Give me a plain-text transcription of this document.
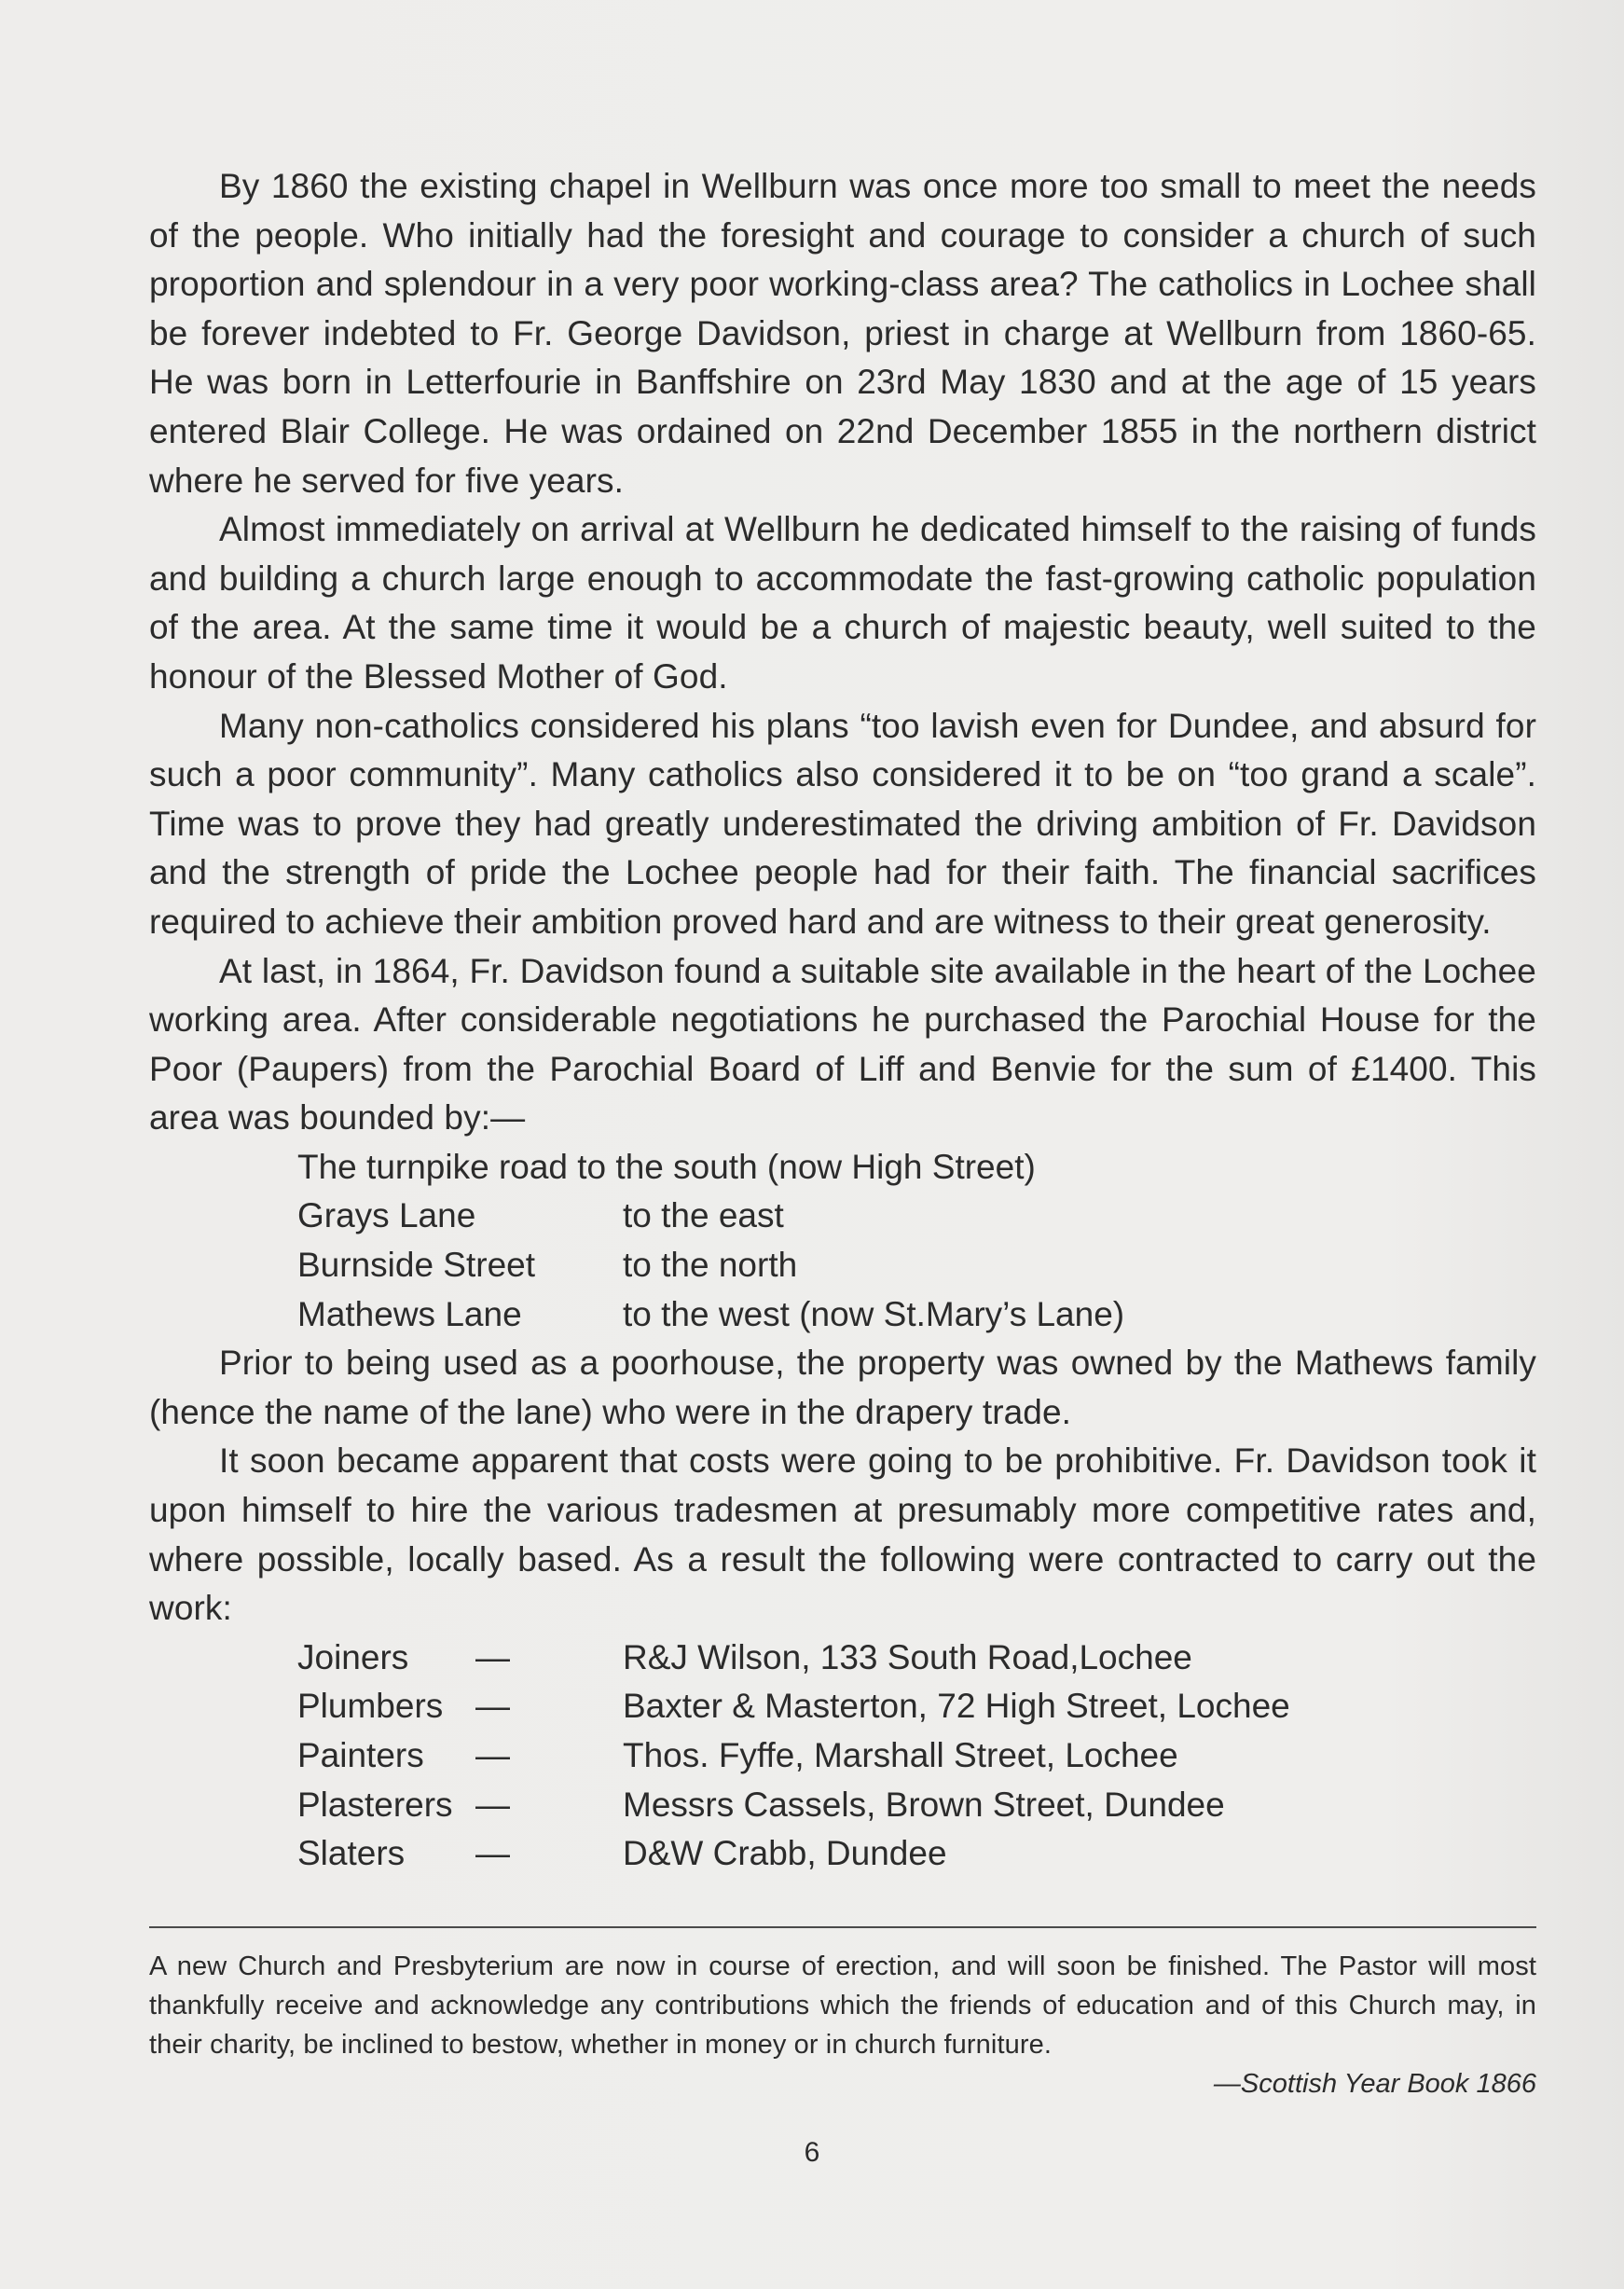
By 1860 the existing chapel in Wellburn was once more too small to meet the needs of the people. Who initially had the foresight and courage to consider a church of such proportion and splendour in a very poor working-class area? The catholics in Lochee shall be forever indebted to Fr. George Davidson, priest in charge at Wellburn from 1860-65. He was born in Letterfourie in Banffshire on 23rd May 1830 and at the age of 15 years entered Blair College. He was ordained on 22nd December 1855 in the northern district where he served for five years.

Almost immediately on arrival at Wellburn he dedicated himself to the raising of funds and building a church large enough to accommodate the fast-growing catholic population of the area. At the same time it would be a church of majestic beauty, well suited to the honour of the Blessed Mother of God.

Many non-catholics considered his plans “too lavish even for Dundee, and absurd for such a poor community”. Many catholics also considered it to be on “too grand a scale”. Time was to prove they had greatly underestimated the driving ambition of Fr. Davidson and the strength of pride the Lochee people had for their faith. The financial sacrifices required to achieve their ambition proved hard and are witness to their great generosity.

At last, in 1864, Fr. Davidson found a suitable site available in the heart of the Lochee working area. After considerable negotiations he purchased the Parochial House for the Poor (Paupers) from the Parochial Board of Liff and Benvie for the sum of £1400. This area was bounded by:—

The turnpike road to the south (now High Street)	
Grays Lane	to the east
Burnside Street	to the north
Mathews Lane	to the west (now St.Mary’s Lane)

Prior to being used as a poorhouse, the property was owned by the Mathews family (hence the name of the lane) who were in the drapery trade.

It soon became apparent that costs were going to be prohibitive. Fr. Davidson took it upon himself to hire the various tradesmen at presumably more competitive rates and, where possible, locally based. As a result the following were contracted to carry out the work:

Joiners	—	R&J Wilson, 133 South Road,Lochee
Plumbers	—	Baxter & Masterton, 72 High Street, Lochee
Painters	—	Thos. Fyffe, Marshall Street, Lochee
Plasterers	—	Messrs Cassels, Brown Street, Dundee
Slaters	—	D&W Crabb, Dundee

A new Church and Presbyterium are now in course of erection, and will soon be finished. The Pastor will most thankfully receive and acknowledge any contributions which the friends of education and of this Church may, in their charity, be inclined to bestow, whether in money or in church furniture.

—Scottish Year Book 1866

6
